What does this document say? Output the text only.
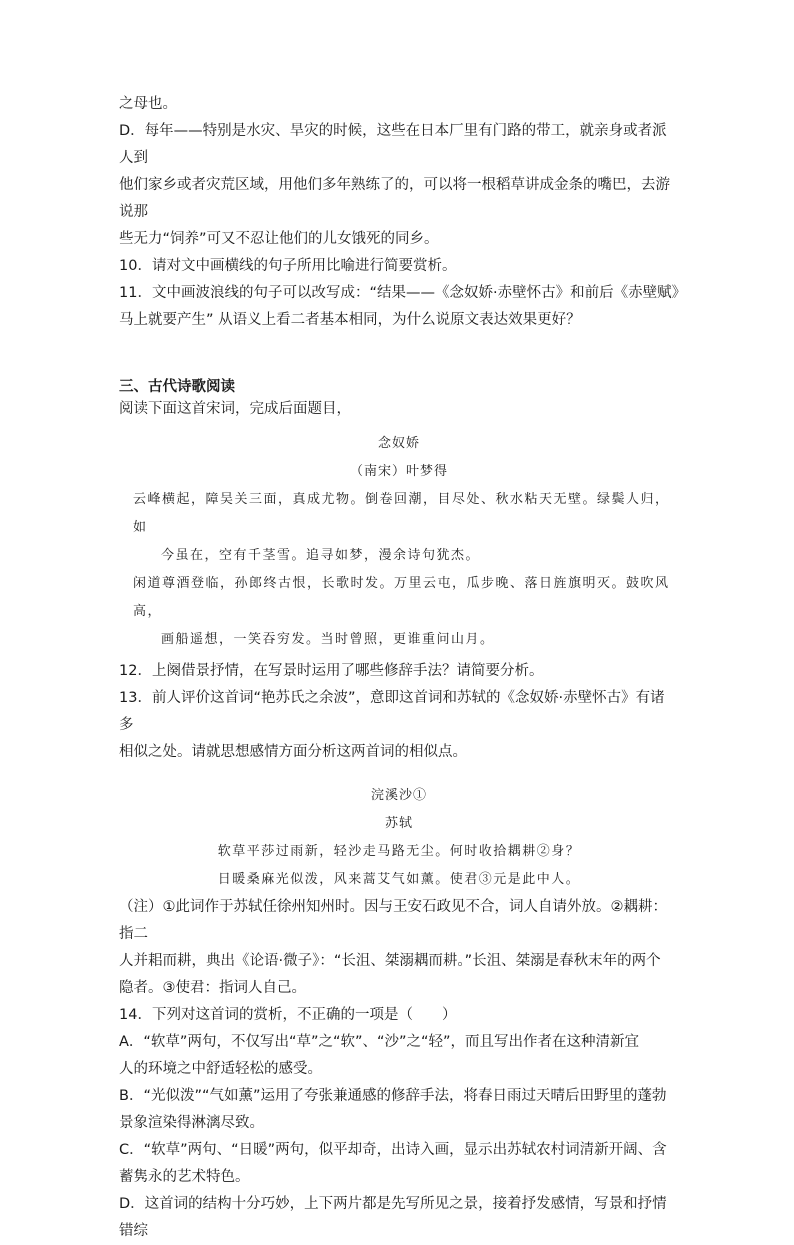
之母也。

D．每年——特别是水灾、旱灾的时候，这些在日本厂里有门路的带工，就亲身或者派人到

他们家乡或者灾荒区域，用他们多年熟练了的，可以将一根稻草讲成金条的嘴巴，去游说那

些无力“饲养”可又不忍让他们的儿女饿死的同乡。

10．请对文中画横线的句子所用比喻进行简要赏析。

11．文中画波浪线的句子可以改写成：“结果——《念奴娇·赤壁怀古》和前后《赤壁赋》

马上就要产生” 从语义上看二者基本相同，为什么说原文表达效果更好？

三、古代诗歌阅读

阅读下面这首宋词，完成后面题目，

念奴娇

（南宋）叶梦得

云峰横起，障吴关三面，真成尤物。倒卷回潮，目尽处、秋水粘天无壁。绿鬓人归，如

今虽在，空有千茎雪。追寻如梦，漫余诗句犹杰。

闲道尊酒登临，孙郎终古恨，长歌时发。万里云屯，瓜步晚、落日旌旗明灭。鼓吹风高，

画船遥想，一笑吞穷发。当时曾照，更谁重问山月。

12．上阕借景抒情，在写景时运用了哪些修辞手法？请简要分析。

13．前人评价这首词“艳苏氏之余波”，意即这首词和苏轼的《念奴娇·赤壁怀古》有诸多

相似之处。请就思想感情方面分析这两首词的相似点。

浣溪沙①

苏轼

软草平莎过雨新，轻沙走马路无尘。何时收拾耦耕②身？

日暖桑麻光似泼，风来蒿艾气如薰。使君③元是此中人。

（注）①此词作于苏轼任徐州知州时。因与王安石政见不合，词人自请外放。②耦耕：指二

人并耜而耕，典出《论语·微子》：“长沮、桀溺耦而耕。”长沮、桀溺是春秋末年的两个

隐者。③使君：指词人自己。

14．下列对这首词的赏析，不正确的一项是（　　）

A．“软草”两句，不仅写出“草”之“软”、“沙”之“轻”，而且写出作者在这种清新宜

人的环境之中舒适轻松的感受。

B．“光似泼”“气如薰”运用了夸张兼通感的修辞手法，将春日雨过天晴后田野里的蓬勃

景象渲染得淋漓尽致。

C．“软草”两句、“日暖”两句，似平却奇，出诗入画，显示出苏轼农村词清新开阔、含

蓄隽永的艺术特色。

D．这首词的结构十分巧妙，上下两片都是先写所见之景，接着抒发感情，写景和抒情错综
